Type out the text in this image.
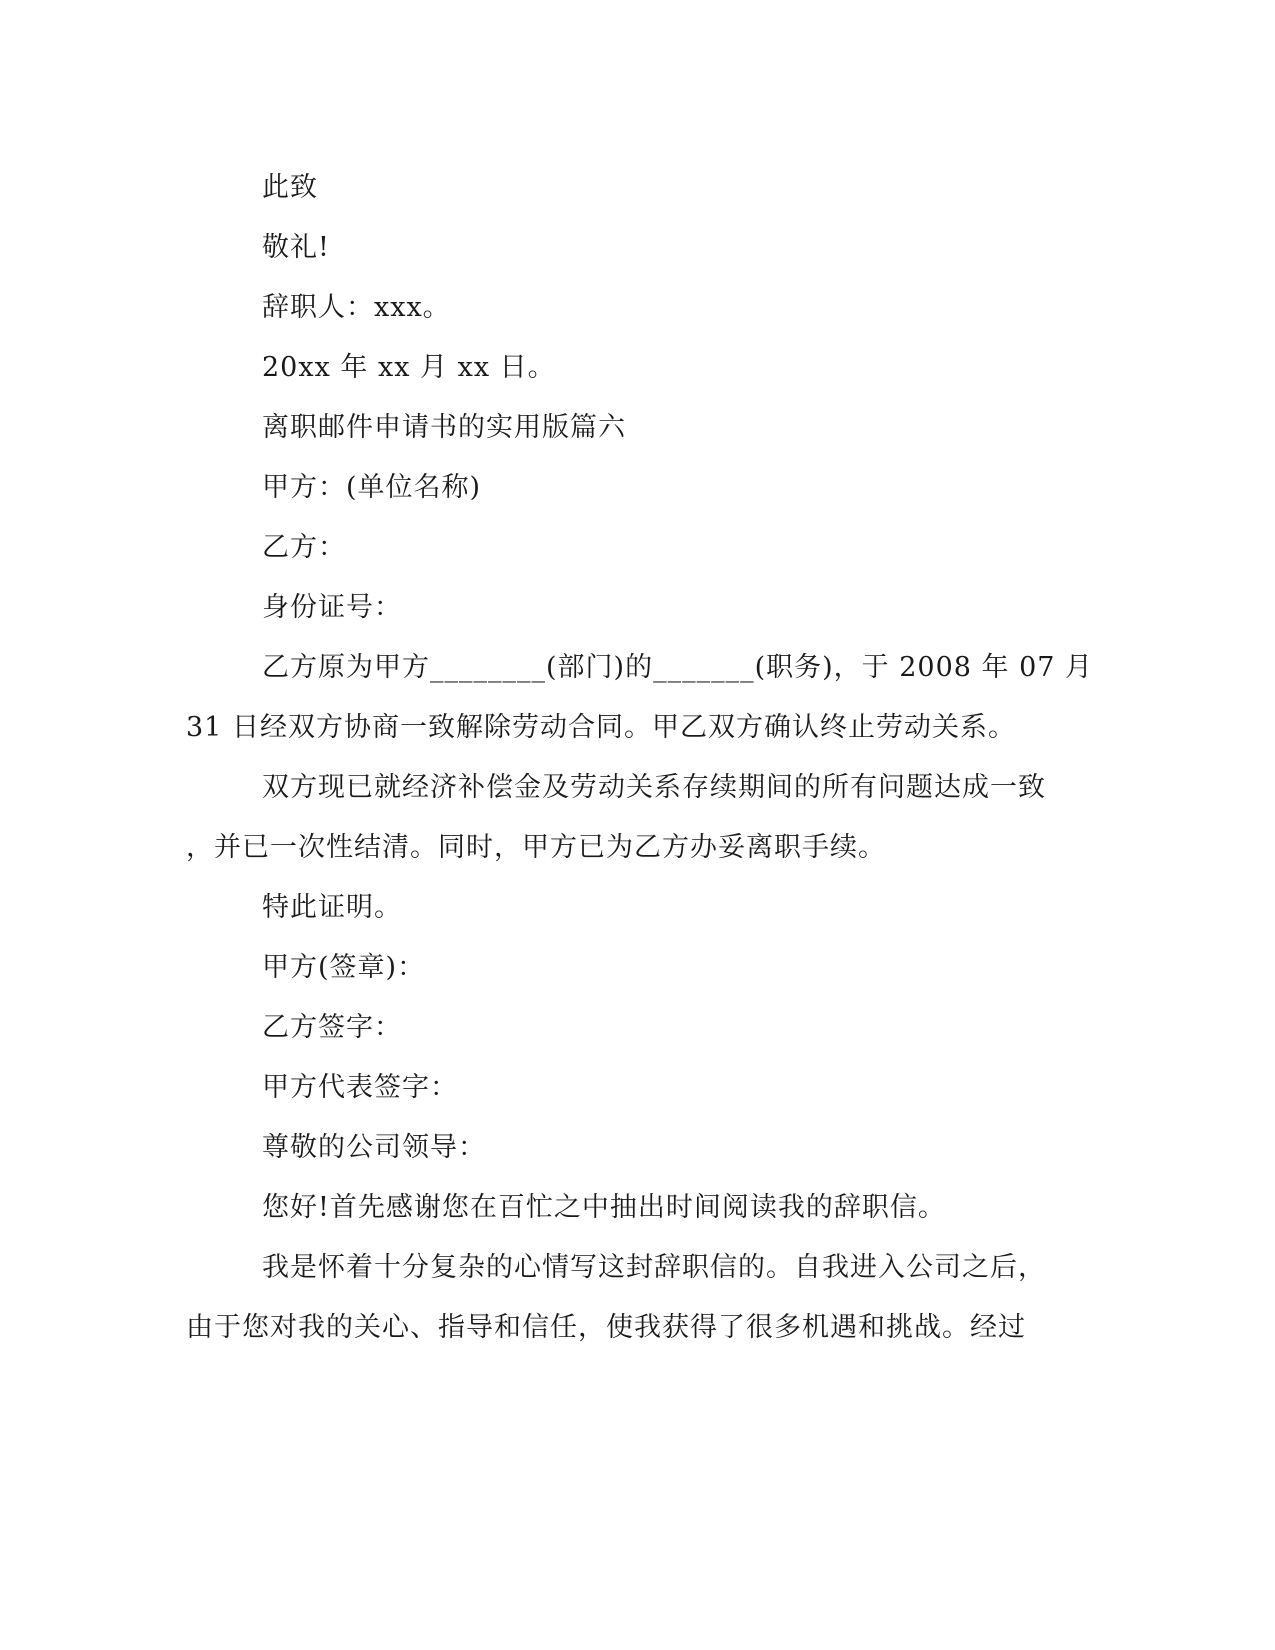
此致
敬礼!
辞职人：xxx。
20xx 年 xx 月 xx 日。
离职邮件申请书的实用版篇六
甲方：(单位名称)
乙方：
身份证号：
乙方原为甲方________(部门)的_______(职务)，于 2008 年 07 月
31 日经双方协商一致解除劳动合同。甲乙双方确认终止劳动关系。
双方现已就经济补偿金及劳动关系存续期间的所有问题达成一致
，并已一次性结清。同时，甲方已为乙方办妥离职手续。
特此证明。
甲方(签章)：
乙方签字：
甲方代表签字：
尊敬的公司领导：
您好!首先感谢您在百忙之中抽出时间阅读我的辞职信。
我是怀着十分复杂的心情写这封辞职信的。自我进入公司之后，
由于您对我的关心、指导和信任，使我获得了很多机遇和挑战。经过
